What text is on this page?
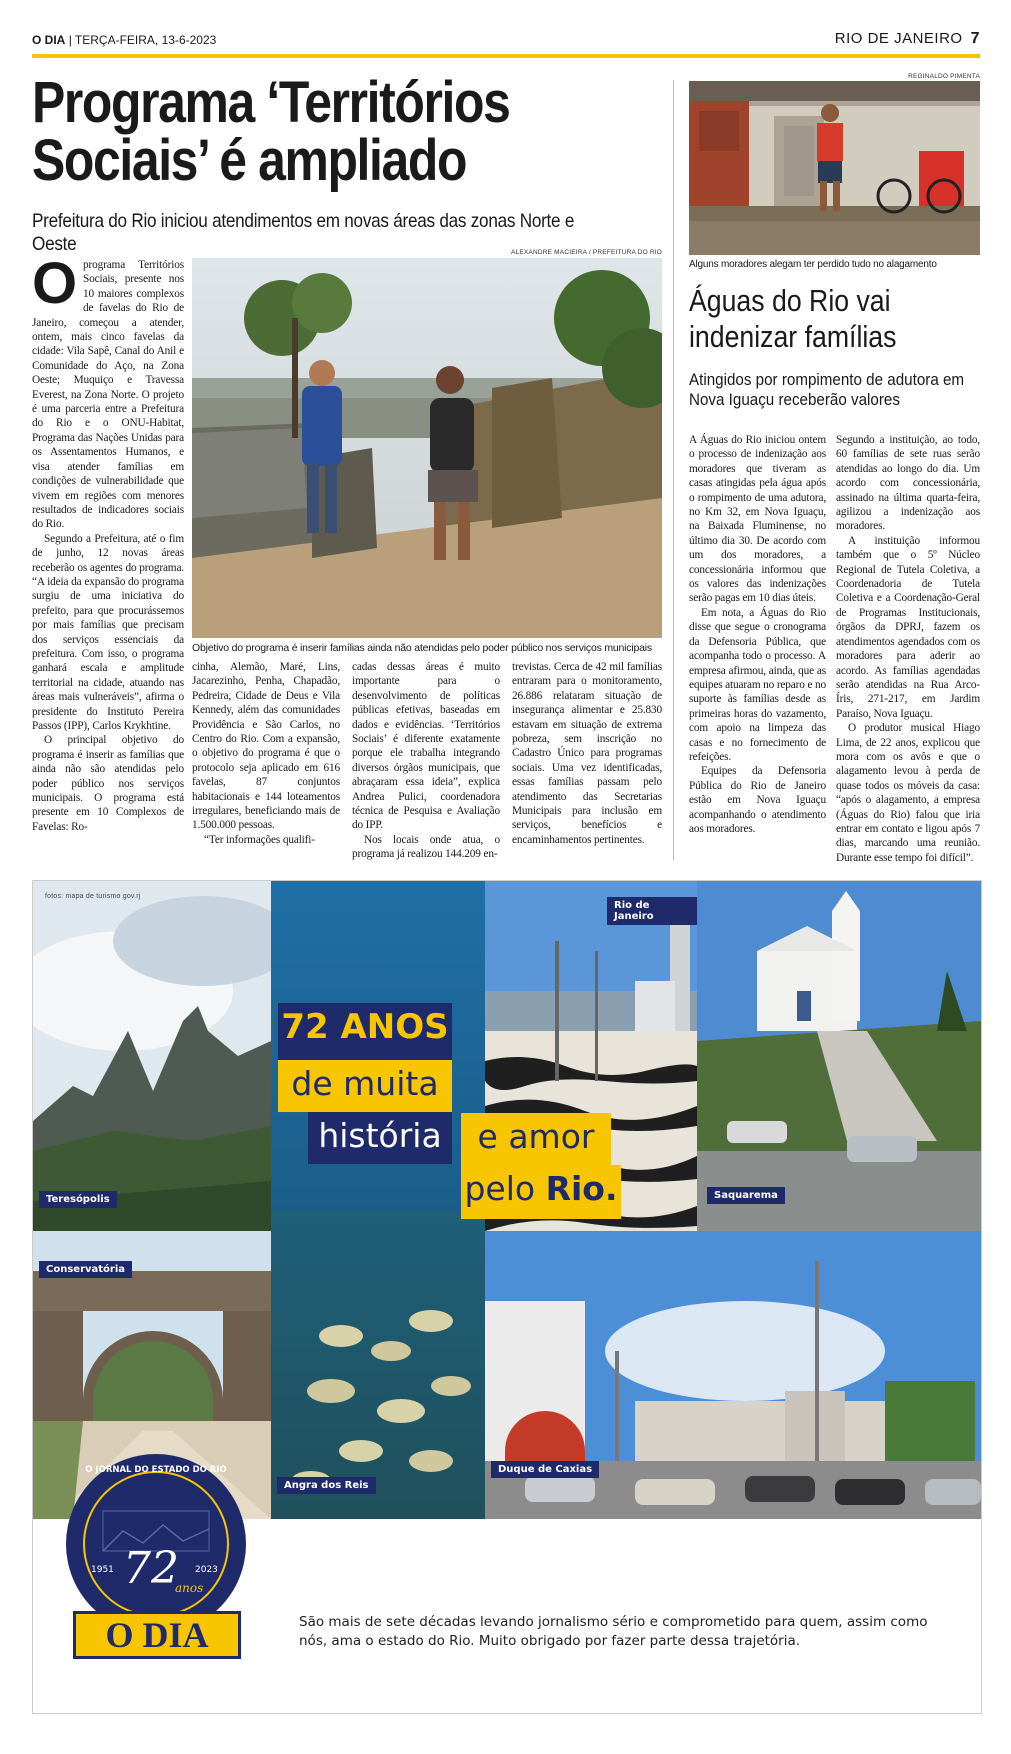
O DIA | TERÇA-FEIRA, 13-6-2023	RIO DE JANEIRO 7
Programa ‘Territórios
Sociais’ é ampliado
Prefeitura do Rio iniciou atendimentos em novas áreas das zonas Norte e Oeste	ALEXANDRE MACIEIRA / PREFEITURA DO RIO
Objetivo do programa é inserir famílias ainda não atendidas pelo poder público nos serviços municipais

Oprograma Territórios Sociais, presente nos 10 maiores complexos de favelas do Rio de Janeiro, começou a atender, ontem, mais cinco favelas da cidade: Vila Sapê, Canal do Anil e Comunidade do Aço, na Zona Oeste; Muquiço e Travessa Everest, na Zona Norte. O projeto é uma parceria entre a Prefeitura do Rio e o ONU-Habitat, Programa das Nações Unidas para os Assentamentos Humanos, e visa atender famílias em condições de vulnerabilidade que vivem em regiões com menores resultados de indicadores sociais do Rio.

Segundo a Prefeitura, até o fim de junho, 12 novas áreas receberão os agentes do programa. “A ideia da expansão do programa surgiu de uma iniciativa do prefeito, para que procurássemos por mais famílias que precisam dos serviços essenciais da prefeitura. Com isso, o programa ganhará escala e amplitude territorial na cidade, atuando nas áreas mais vulneráveis”, afirma o presidente do Instituto Pereira Passos (IPP), Carlos Krykhtine.

O principal objetivo do programa é inserir as famílias que ainda não são atendidas pelo poder público nos serviços municipais. O programa está presente em 10 Complexos de Favelas: Ro-

cinha, Alemão, Maré, Lins, Jacarezinho, Penha, Chapadão, Pedreira, Cidade de Deus e Vila Kennedy, além das comunidades Providência e São Carlos, no Centro do Rio. Com a expansão, o objetivo do programa é que o protocolo seja aplicado em 616 favelas, 87 conjuntos habitacionais e 144 loteamentos irregulares, beneficiando mais de 1.500.000 pessoas.

“Ter informações qualifi-

cadas dessas áreas é muito importante para o desenvolvimento de políticas públicas efetivas, baseadas em dados e evidências. ‘Territórios Sociais’ é diferente exatamente porque ele trabalha integrando diversos órgãos municipais, que abraçaram essa ideia”, explica Andrea Pulici, coordenadora técnica de Pesquisa e Avaliação do IPP.

Nos locais onde atua, o programa já realizou 144.209 en-

trevistas. Cerca de 42 mil famílias entraram para o monitoramento, 26.886 relataram situação de insegurança alimentar e 25.830 estavam em situação de extrema pobreza, sem inscrição no Cadastro Único para programas sociais. Uma vez identificadas, essas famílias passam pelo atendimento das Secretarias Municipais para inclusão em serviços, benefícios e encaminhamentos pertinentes.

REGINALDO PIMENTA
Alguns moradores alegam ter perdido tudo no alagamento
Águas do Rio vai
indenizar famílias
Atingidos por rompimento de adutora em Nova Iguaçu receberão valores

A Águas do Rio iniciou ontem o processo de indenização aos moradores que tiveram as casas atingidas pela água após o rompimento de uma adutora, no Km 32, em Nova Iguaçu, na Baixada Fluminense, no último dia 30. De acordo com um dos moradores, a concessionária informou que os valores das indenizações serão pagas em 10 dias úteis.

Em nota, a Águas do Rio disse que segue o cronograma da Defensoria Pública, que acompanha todo o processo. A empresa afirmou, ainda, que as equipes atuaram no reparo e no suporte às famílias desde as primeiras horas do vazamento, com apoio na limpeza das casas e no fornecimento de refeições.

Equipes da Defensoria Pública do Rio de Janeiro estão em Nova Iguaçu acompanhando o atendimento aos moradores.

Segundo a instituição, ao todo, 60 famílias de sete ruas serão atendidas ao longo do dia. Um acordo com concessionária, assinado na última quarta-feira, agilizou a indenização aos moradores.

A instituição informou também que o 5º Núcleo Regional de Tutela Coletiva, a Coordenadoria de Tutela Coletiva e a Coordenação-Geral de Programas Institucionais, órgãos da DPRJ, fazem os atendimentos agendados com os moradores para aderir ao acordo. As famílias agendadas serão atendidas na Rua Arco-Íris, 271-217, em Jardim Paraíso, Nova Iguaçu.

O produtor musical Hiago Lima, de 22 anos, explicou que mora com os avôs e que o alagamento levou à perda de quase todos os móveis da casa: “após o alagamento, a empresa (Águas do Rio) falou que iria entrar em contato e ligou após 7 dias, marcando uma reunião. Durante esse tempo foi difícil”.

fotos: mapa de turismo gov.rj
Teresópolis
Conservatória
Angra dos Reis
Rio de Janeiro
Saquarema
Duque de Caxias
72 ANOS
de muita
história	e amor
pelo Rio.
O JORNAL DO ESTADO DO RIO
1951	2023
72
anos
O DIA	São mais de sete décadas levando jornalismo sério e comprometido para quem, assim como nós, ama o estado do Rio. Muito obrigado por fazer parte dessa trajetória.
